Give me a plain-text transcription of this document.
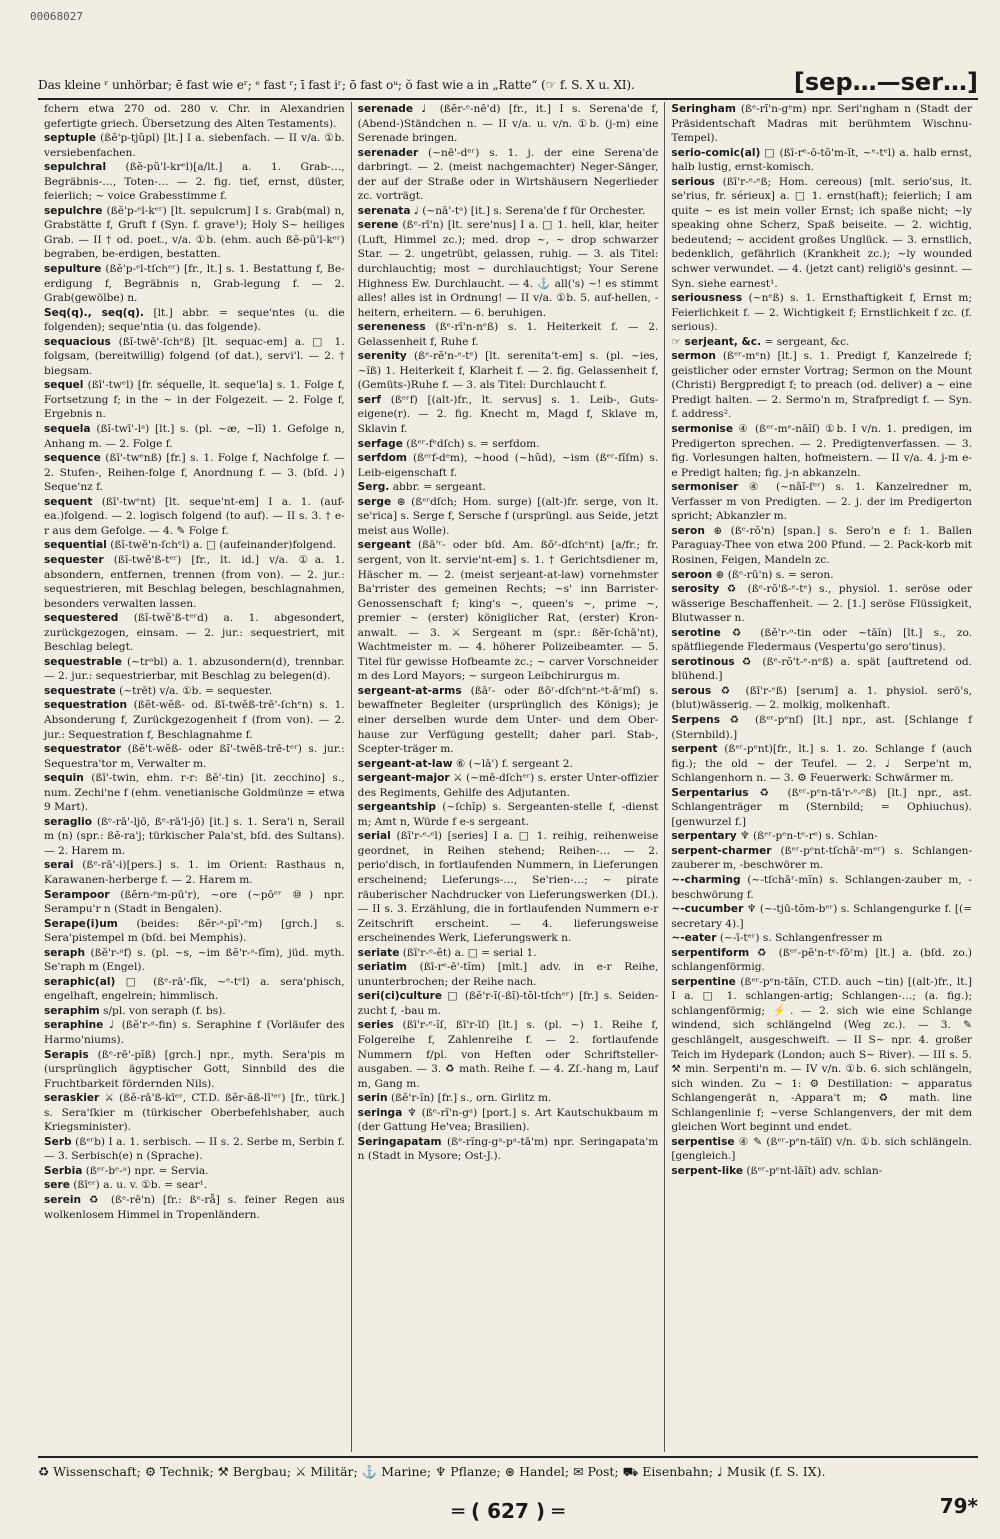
00068027
Das kleine ʳ unhörbar; ē fast wie eʳ; ᵉ fast ʳ; ī fast iʳ; ō fast oᵘ; ŏ fast wie a in „Ratte“ (☞ f. S. X u. XI).	[sep…—ser…]

fchern etwa 270 od. 280 v. Chr. in Alexandrien gefertigte griech. Übersetzung des Alten Testaments).

septuple (ßĕ'p-tjŭpl) [lt.] I a. siebenfach. — II v/a. ①b. versiebenfachen.

sepulchral (ßĕ-pŭ'l-krᵉl)[a/lt.] a. 1. Grab-…, Begräbnis-…, Toten-… — 2. fig. tief, ernst, düster, feierlich; ~ voice Grabesstimme f.

sepulchre (ßĕ'p-ᵉl-kᵉʳ) [lt. sepulcrum] I s. Grab(mal) n, Grabstätte f, Gruft f (Syn. f. grave¹); Holy S~ heiliges Grab. — II † od. poet., v/a. ①b. (ehm. auch ßĕ-pŭ'l-kᵉʳ) begraben, be-erdigen, bestatten.

sepulture (ßĕ'p-ᵉl-tſchᵉʳ) [fr., lt.] s. 1. Bestattung f, Be-erdigung f, Begräbnis n, Grab-legung f. — 2. Grab(gewölbe) n.

Seq(q)., seq(q). [lt.] abbr. = seque'ntes (u. die folgenden); seque'ntia (u. das folgende).

sequacious (ßĭ-twē'-ſchᵉß) [lt. sequac-em] a. □ 1. folgsam, (bereitwillig) folgend (of dat.), servi'l. — 2. † biegsam.

sequel (ßī'-twᵉl) [fr. séquelle, lt. seque'la] s. 1. Folge f, Fortsetzung f; in the ~ in der Folgezeit. — 2. Folge f, Ergebnis n.

sequela (ßĭ-twī'-lᵃ) [lt.] s. (pl. ~æ, ~lī) 1. Gefolge n, Anhang m. — 2. Folge f.

sequence (ßī'-twᵉnß) [fr.] s. 1. Folge f, Nachfolge f. — 2. Stufen-, Reihen-folge f, Anordnung f. — 3. (bſd. ♩) Seque'nz f.

sequent (ßī'-twᵉnt) [lt. seque'nt-em] I a. 1. (auf-ea.)folgend. — 2. logisch folgend (to auf). — II s. 3. † e-r aus dem Gefolge. — 4. ✎ Folge f.

sequential (ßĭ-twĕ'n-ſchᵉl) a. □ (aufeinander)folgend.

sequester (ßĭ-twĕ'ß-tᵉʳ) [fr., lt. id.] v/a. ①a. 1. absondern, entfernen, trennen (from von). — 2. jur.: sequestrieren, mit Beschlag belegen, beschlagnahmen, besonders verwalten lassen.

sequestered (ßĭ-twĕ'ß-tᵉʳd) a. 1. abgesondert, zurückgezogen, einsam. — 2. jur.: sequestriert, mit Beschlag belegt.

sequestrable (~trᵃbl) a. 1. abzusondern(d), trennbar. — 2. jur.: sequestrierbar, mit Beschlag zu belegen(d).

sequestrate (~trēt) v/a. ①b. = sequester.

sequestration (ßĕt-wĕß- od. ßī-twĕß-trē'-ſchᵉn) s. 1. Absonderung f, Zurückgezogenheit f (from von). — 2. jur.: Sequestration f, Beschlagnahme f.

sequestrator (ßĕ't-wĕß- oder ßĭ'-twĕß-trē-tᵉʳ) s. jur.: Sequestra'tor m, Verwalter m.

sequin (ßī'-twin, ehm. r-r: ßĕ'-tin) [it. zecchino] s., num. Zechi'ne f (ehm. venetianische Goldmünze = etwa 9 Mart).

seraglio (ßᵉ-rā'-ljō, ßᵉ-rā'l-jō) [it.] s. 1. Sera'i n, Serail m (n) (spr.: ßĕ-ra'j; türkischer Pala'st, bſd. des Sultans). — 2. Harem m.

serai (ßᵉ-rā'-i)[pers.] s. 1. im Orient: Rasthaus n, Karawanen-herberge f. — 2. Harem m.

Serampoor (ßĕrn-ᵉm-pū'r), ~ore (~pōᵉʳ ⑩) npr. Serampu'r n (Stadt in Bengalen).

Serape(i)um (beides: ßĕr-ᵃ-pī'-ᵉm) [grch.] s. Sera'pistempel m (bſd. bei Memphis).

seraph (ßĕ'r-ᵃf) s. (pl. ~s, ~im ßĕ'r-ᵃ-fĭm), jüd. myth. Se'raph m (Engel).

seraphic(al) □ (ßᵉ-rā'-fĭk, ~ᵉ-tᵉl) a. sera'phisch, engelhaft, engelrein; himmlisch.

seraphim s/pl. von seraph (f. bs).

seraphine ♩ (ßĕ'r-ᵃ-fin) s. Seraphine f (Vorläufer des Harmo'niums).

Serapis (ßᵉ-rē'-pĭß) [grch.] npr., myth. Sera'pis m (ursprünglich ägyptischer Gott, Sinnbild des die Fruchtbarkeit fördernden Nils).

seraskier ⚔ (ßĕ-rā'ß-kīᵉʳ, CT.D. ßĕr-ăß-lī'ᵉʳ) [fr., türk.] s. Sera'ſkier m (türkischer Oberbefehlshaber, auch Kriegsminister).

Serb (ßᵉʳb) I a. 1. serbisch. — II s. 2. Serbe m, Serbin f. — 3. Serbisch(e) n (Sprache).

Serbia (ßᵉʳ-bᵉ-ᵃ) npr. = Servia.

sere (ßīᵉʳ) a. u. v. ①b. = sear¹.

serein ♻ (ßᵉ-rē'n) [fr.: ßᵉ-rǟ] s. feiner Regen aus wolkenlosem Himmel in Tropenländern.

serenade ♩ (ßĕr-ᵉ-nē'd) [fr., it.] I s. Serena'de f, (Abend-)Ständchen n. — II v/a. u. v/n. ①b. (j-m) eine Serenade bringen.

serenader (~nē'-dᵉʳ) s. 1. j. der eine Serena'de darbringt. — 2. (meist nachgemachter) Neger-Sänger, der auf der Straße oder in Wirtshäusern Negerlieder zc. vorträgt.

serenata ♩ (~nā'-tᵃ) [it.] s. Serena'de f für Orchester.

serene (ßᵉ-rī'n) [lt. sere'nus] I a. □ 1. hell, klar, heiter (Luft, Himmel zc.); med. drop ~, ~ drop schwarzer Star. — 2. ungetrübt, gelassen, ruhig. — 3. als Titel: durchlauchtig; most ~ durchlauchtigst; Your Serene Highness Ew. Durchlaucht. — 4. ⚓ all('s) ~! es stimmt alles! alles ist in Ordnung! — II v/a. ①b. 5. auf-hellen, -heitern, erheitern. — 6. beruhigen.

sereneness (ßᵉ-rī'n-nᵉß) s. 1. Heiterkeit f. — 2. Gelassenheit f, Ruhe f.

serenity (ßᵉ-rĕ'n-ᵉ-tᵉ) [lt. serenita't-em] s. (pl. ~ies, ~ĭß) 1. Heiterkeit f, Klarheit f. — 2. fig. Gelassenheit f, (Gemüts-)Ruhe f. — 3. als Titel: Durchlaucht f.

serf (ßᵉʳf) [(alt-)fr., lt. servus] s. 1. Leib-, Guts-eigene(r). — 2. fig. Knecht m, Magd f, Sklave m, Sklavin f.

serfage (ßᵉʳ-fᵉdſch) s. = serfdom.

serfdom (ßᵉʳf-dᵉm), ~hood (~hŭd), ~ism (ßᵉʳ-fĭſm) s. Leib-eigenschaft f.

Serg. abbr. = sergeant.

serge ⊛ (ßᵉʳdſch; Hom. surge) [(alt-)fr. serge, von lt. se'rica] s. Serge f, Sersche f (ursprüngl. aus Seide, jetzt meist aus Wolle).

sergeant (ßā'ʳ- oder bſd. Am. ßōʳ-dſchᵉnt) [a/fr.; fr. sergent, von lt. servie'nt-em] s. 1. † Gerichtsdiener m, Häscher m. — 2. (meist serjeant-at-law) vornehmster Ba'rrister des gemeinen Rechts; ~s' inn Barrister-Genossenschaft f; king's ~, queen's ~, prime ~, premier ~ (erster) königlicher Rat, (erster) Kron-anwalt. — 3. ⚔ Sergeant m (spr.: ßĕr-ſchā'nt), Wachtmeister m. — 4. höherer Polizeibeamter. — 5. Titel für gewisse Hofbeamte zc.; ~ carver Vorschneider m des Lord Mayors; ~ surgeon Leibchirurgus m.

sergeant-at-arms (ßāʳ- oder ßōʳ-dſchᵉnt-ᵃt-āʳmſ) s. bewaffneter Begleiter (ursprünglich des Königs); je einer derselben wurde dem Unter- und dem Ober-hause zur Verfügung gestellt; daher parl. Stab-, Scepter-träger m.

sergeant-at-law ⑥ (~lā') f. sergeant 2.

sergeant-major ⚔ (~mē-dſchᵉʳ) s. erster Unter-offizier des Regiments, Gehilfe des Adjutanten.

sergeantship (~ſchĭp) s. Sergeanten-stelle f, -dienst m; Amt n, Würde f e-s sergeant.

serial (ßī'r-ᵉ-ᵉl) [series] I a. □ 1. reihig, reihenweise geordnet, in Reihen stehend; Reihen-… — 2. perio'disch, in fortlaufenden Nummern, in Lieferungen erscheinend; Lieferungs-…, Se'rien-…; ~ pirate räuberischer Nachdrucker von Lieferungswerken (DI.). — II s. 3. Erzählung, die in fortlaufenden Nummern e-r Zeitschrift erscheint. — 4. lieferungsweise erscheinendes Werk, Lieferungswerk n.

seriate (ßī'r-ᵉ-ĕt) a. □ = serial 1.

seriatim (ßī-rᵉ-ē'-tĭm) [mlt.] adv. in e-r Reihe, ununterbrochen; der Reihe nach.

seri(ci)culture □ (ßĕ'r-ĭ(-ßĭ)-tŏl-tſchᵉʳ) [fr.] s. Seiden-zucht f, -bau m.

series (ßī'r-ᵉ-ĭſ, ßī'r-īſ) [lt.] s. (pl. ~) 1. Reihe f, Folgereihe f, Zahlenreihe f. — 2. fortlaufende Nummern f/pl. von Heften oder Schriftsteller-ausgaben. — 3. ♻ math. Reihe f. — 4. Zſ.-hang m, Lauf m, Gang m.

serin (ßĕ'r-ĭn) [fr.] s., orn. Girlitz m.

seringa ♆ (ßᵉ-rĭ'n-gᵃ) [port.] s. Art Kautschukbaum m (der Gattung He'vea; Brasilien).

Seringapatam (ßᵉ-rĭng-gᵃ-pᵃ-tā'm) npr. Seringapata'm n (Stadt in Mysore; Ost-J.).

Seringham (ßᵉ-rĭ'n-gᵉm) npr. Seri'ngham n (Stadt der Präsidentschaft Madras mit berühmtem Wischnu-Tempel).

serio-comic(al) □ (ßī-rᵉ-ō-tŏ'm-ĭt, ~ᵉ-tᵉl) a. halb ernst, halb lustig, ernst-komisch.

serious (ßī'r-ᵉ-ᵉß; Hom. cereous) [mlt. serio'sus, lt. se'rius, fr. sérieux] a. □ 1. ernst(haft); feierlich; I am quite ~ es ist mein voller Ernst; ich spaße nicht; ~ly speaking ohne Scherz, Spaß beiseite. — 2. wichtig, bedeutend; ~ accident großes Unglück. — 3. ernstlich, bedenklich, gefährlich (Krankheit zc.); ~ly wounded schwer verwundet. — 4. (jetzt cant) religiö's gesinnt. — Syn. siehe earnest¹.

seriousness (~nᵉß) s. 1. Ernsthaftigkeit f, Ernst m; Feierlichkeit f. — 2. Wichtigkeit f; Ernstlichkeit f zc. (f. serious).

☞ serjeant, &c. = sergeant, &c.

sermon (ßᵉʳ-mᵉn) [lt.] s. 1. Predigt f, Kanzelrede f; geistlicher oder ernster Vortrag; Sermon on the Mount (Christi) Bergpredigt f; to preach (od. deliver) a ~ eine Predigt halten. — 2. Sermo'n m, Strafpredigt f. — Syn. f. address².

sermonise ④ (ßᵉʳ-mᵉ-nāĭſ) ①b. I v/n. 1. predigen, im Predigerton sprechen. — 2. Predigtenverfassen. — 3. fig. Vorlesungen halten, hofmeistern. — II v/a. 4. j-m e-e Predigt halten; fig. j-n abkanzeln.

sermoniser ④ (~nāĭ-ſᵉʳ) s. 1. Kanzelredner m, Verfasser m von Predigten. — 2. j. der im Predigerton spricht; Abkanzler m.

seron ⊛ (ßᵉ-rŏ'n) [span.] s. Sero'n e f: 1. Ballen Paraguay-Thee von etwa 200 Pfund. — 2. Pack-korb mit Rosinen, Feigen, Mandeln zc.

seroon ⊛ (ßᵉ-rū'n) s. = seron.

serosity ♻ (ßᵉ-rŏ'ß-ᵉ-tᵉ) s., physiol. 1. seröse oder wässerige Beschaffenheit. — 2. [1.] seröse Flüssigkeit, Blutwasser n.

serotine ♻ (ßĕ'r-ᵒ-tin oder ~tāĭn) [lt.] s., zo. spätfliegende Fledermaus (Vespertu'go sero'tinus).

serotinous ♻ (ßᵉ-rŏ't-ᵉ-nᵉß) a. spät [auftretend od. blühend.]

serous ♻ (ßī'r-ᵉß) [serum] a. 1. physiol. serö's, (blut)wässerig. — 2. molkig, molkenhaft.

Serpens ♻ (ßᵉʳ-pᵉnſ) [lt.] npr., ast. [Schlange f (Sternbild).]

serpent (ßᵉʳ-pᵉnt)[fr., lt.] s. 1. zo. Schlange f (auch fig.); the old ~ der Teufel. — 2. ♩ Serpe'nt m, Schlangenhorn n. — 3. ⚙ Feuerwerk: Schwärmer m.

Serpentarius ♻ (ßᵉʳ-pᵉn-tā'r-ᵉ-ᵉß) [lt.] npr., ast. Schlangenträger m (Sternbild; = Ophiuchus). [genwurzel f.]

serpentary ♆ (ßᵉʳ-pᵉn-tᵉ-rᵉ) s. Schlan-

serpent-charmer (ßᵉʳ-pᵉnt-tſchāʳ-mᵉʳ) s. Schlangen-zauberer m, -beschwörer m.

~-charming (~-tſchāʳ-mĭn) s. Schlangen-zauber m, -beschwörung f.

~-cucumber ♆ (~-tjū-tŏm-bᵉʳ) s. Schlangengurke f. [(= secretary 4).]

~-eater (~-ī-tᵉʳ) s. Schlangenfresser m

serpentiform ♻ (ßᵉʳ-pĕ'n-tᵉ-fōʳm) [lt.] a. (bſd. zo.) schlangenförmig.

serpentine (ßᵉʳ-pᵉn-tāĭn, CT.D. auch ~tin) [(alt-)fr., lt.] I a. □ 1. schlangen-artig; Schlangen-…; (a. fig.); schlangenförmig; ⚡. — 2. sich wie eine Schlange windend, sich schlängelnd (Weg zc.). — 3. ✎ geschlängelt, ausgeschweift. — II S~ npr. 4. großer Teich im Hydepark (London; auch S~ River). — III s. 5. ⚒ min. Serpenti'n m. — IV v/n. ①b. 6. sich schlängeln, sich winden. Zu ~ 1: ⚙ Destillation: ~ apparatus Schlangengerät n, -Appara't m; ♻ math. line Schlangenlinie f; ~verse Schlangenvers, der mit dem gleichen Wort beginnt und endet.

serpentise ④ ✎ (ßᵉʳ-pᵉn-tāĭſ) v/n. ①b. sich schlängeln. [gengleich.]

serpent-like (ßᵉʳ-pᵉnt-lāĭt) adv. schlan-

♻ Wissenschaft; ⚙ Technik; ⚒ Bergbau; ⚔ Militär; ⚓ Marine; ♆ Pflanze; ⊛ Handel; ✉ Post; ⛟ Eisenbahn; ♩ Musik (f. S. IX).
═ ( 627 ) ═	79*
